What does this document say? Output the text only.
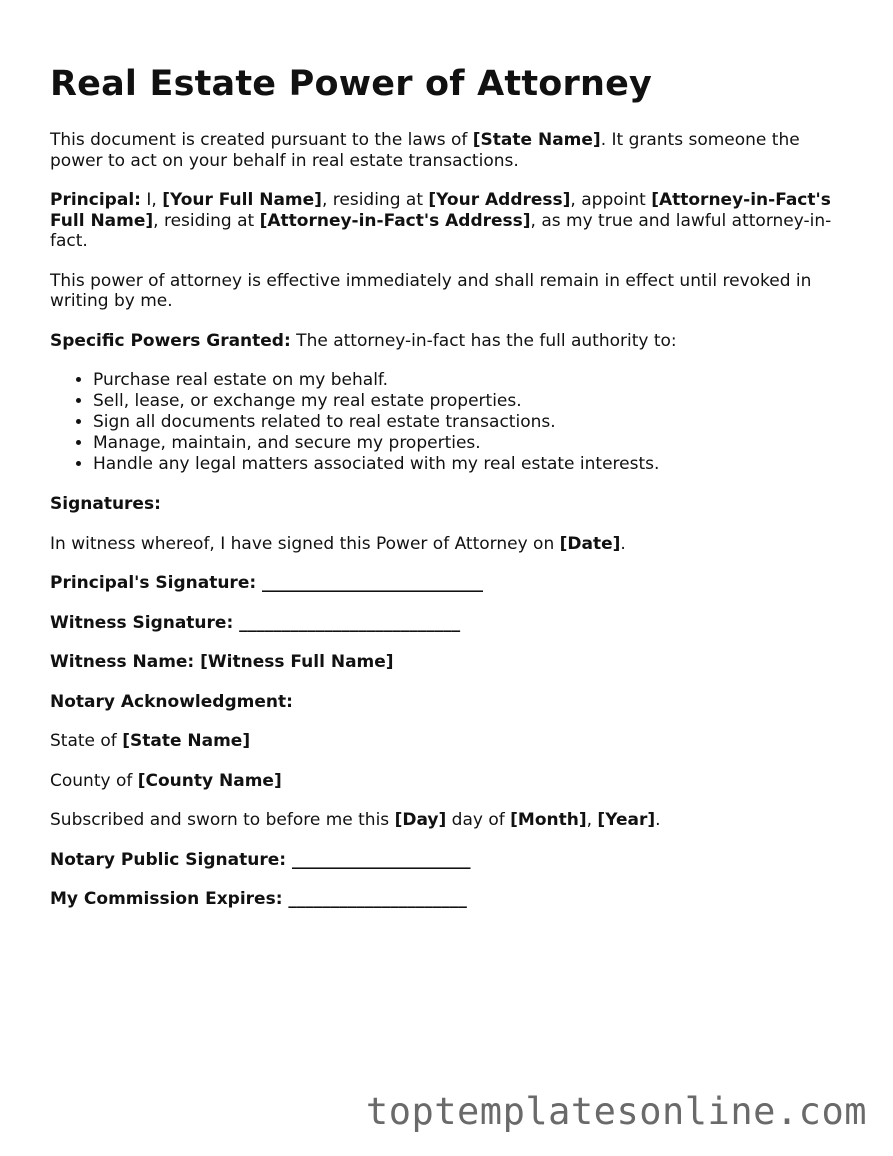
Real Estate Power of Attorney

This document is created pursuant to the laws of [State Name]. It grants someone the power to act on your behalf in real estate transactions.

Principal: I, [Your Full Name], residing at [Your Address], appoint [Attorney-in-Fact's Full Name], residing at [Attorney-in-Fact's Address], as my true and lawful attorney-in-fact.

This power of attorney is effective immediately and shall remain in effect until revoked in writing by me.

Specific Powers Granted: The attorney-in-fact has the full authority to:

• Purchase real estate on my behalf.
• Sell, lease, or exchange my real estate properties.
• Sign all documents related to real estate transactions.
• Manage, maintain, and secure my properties.
• Handle any legal matters associated with my real estate interests.

Signatures:

In witness whereof, I have signed this Power of Attorney on [Date].

Principal's Signature: __________________________

Witness Signature: __________________________

Witness Name: [Witness Full Name]

Notary Acknowledgment:

State of [State Name]

County of [County Name]

Subscribed and sworn to before me this [Day] day of [Month], [Year].

Notary Public Signature: _____________________

My Commission Expires: _____________________

toptemplatesonline.com
